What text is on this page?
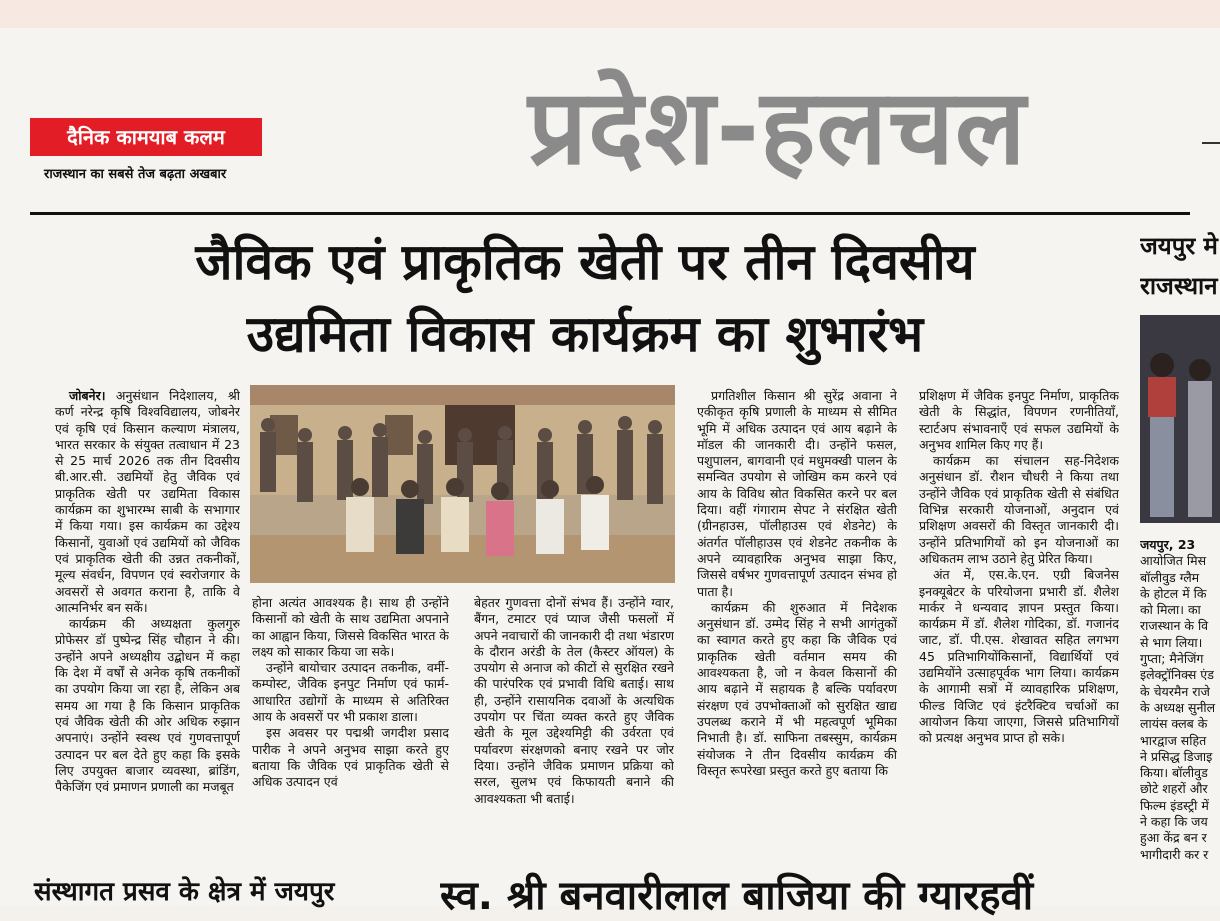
दैनिक कामयाब कलम
राजस्थान का सबसे तेज बढ़ता अखबार	प्रदेश-हलचल
जैविक एवं प्राकृतिक खेती पर तीन दिवसीय
उद्यमिता विकास कार्यक्रम का शुभारंभ

जोबनेर। अनुसंधान निदेशालय, श्री कर्ण नरेन्द्र कृषि विश्वविद्यालय, जोबनेर एवं कृषि एवं किसान कल्याण मंत्रालय, भारत सरकार के संयुक्त तत्वाधान में 23 से 25 मार्च 2026 तक तीन दिवसीय बी.आर.सी. उद्यमियों हेतु जैविक एवं प्राकृतिक खेती पर उद्यमिता विकास कार्यक्रम का शुभारम्भ साबी के सभागार में किया गया। इस कार्यक्रम का उद्देश्य किसानों, युवाओं एवं उद्यमियों को जैविक एवं प्राकृतिक खेती की उन्नत तकनीकों, मूल्य संवर्धन, विपणन एवं स्वरोजगार के अवसरों से अवगत कराना है, ताकि वे आत्मनिर्भर बन सकें।

कार्यक्रम की अध्यक्षता कुलगुरु प्रोफेसर डॉ पुष्पेन्द्र सिंह चौहान ने की। उन्होंने अपने अध्यक्षीय उद्बोधन में कहा कि देश में वर्षों से अनेक कृषि तकनीकों का उपयोग किया जा रहा है, लेकिन अब समय आ गया है कि किसान प्राकृतिक एवं जैविक खेती की ओर अधिक रुझान अपनाएं। उन्होंने स्वस्थ एवं गुणवत्तापूर्ण उत्पादन पर बल देते हुए कहा कि इसके लिए उपयुक्त बाजार व्यवस्था, ब्रांडिंग, पैकेजिंग एवं प्रमाणन प्रणाली का मजबूत

होना अत्यंत आवश्यक है। साथ ही उन्होंने किसानों को खेती के साथ उद्यमिता अपनाने का आह्वान किया, जिससे विकसित भारत के लक्ष्य को साकार किया जा सके।

उन्होंने बायोचार उत्पादन तकनीक, वर्मी-कम्पोस्ट, जैविक इनपुट निर्माण एवं फार्म-आधारित उद्योगों के माध्यम से अतिरिक्त आय के अवसरों पर भी प्रकाश डाला।

इस अवसर पर पद्मश्री जगदीश प्रसाद पारीक ने अपने अनुभव साझा करते हुए बताया कि जैविक एवं प्राकृतिक खेती से अधिक उत्पादन एवं

बेहतर गुणवत्ता दोनों संभव हैं। उन्होंने ग्वार, बैंगन, टमाटर एवं प्याज जैसी फसलों में अपने नवाचारों की जानकारी दी तथा भंडारण के दौरान अरंडी के तेल (कैस्टर ऑयल) के उपयोग से अनाज को कीटों से सुरक्षित रखने की पारंपरिक एवं प्रभावी विधि बताई। साथ ही, उन्होंने रासायनिक दवाओं के अत्यधिक उपयोग पर चिंता व्यक्त करते हुए जैविक खेती के मूल उद्देश्यमिट्टी की उर्वरता एवं पर्यावरण संरक्षणको बनाए रखने पर जोर दिया। उन्होंने जैविक प्रमाणन प्रक्रिया को सरल, सुलभ एवं किफायती बनाने की आवश्यकता भी बताई।

प्रगतिशील किसान श्री सुरेंद्र अवाना ने एकीकृत कृषि प्रणाली के माध्यम से सीमित भूमि में अधिक उत्पादन एवं आय बढ़ाने के मॉडल की जानकारी दी। उन्होंने फसल, पशुपालन, बागवानी एवं मधुमक्खी पालन के समन्वित उपयोग से जोखिम कम करने एवं आय के विविध स्रोत विकसित करने पर बल दिया। वहीं गंगाराम सेपट ने संरक्षित खेती (ग्रीनहाउस, पॉलीहाउस एवं शेडनेट) के अंतर्गत पॉलीहाउस एवं शेडनेट तकनीक के अपने व्यावहारिक अनुभव साझा किए, जिससे वर्षभर गुणवत्तापूर्ण उत्पादन संभव हो पाता है।

कार्यक्रम की शुरुआत में निदेशक अनुसंधान डॉ. उम्मेद सिंह ने सभी आगंतुकों का स्वागत करते हुए कहा कि जैविक एवं प्राकृतिक खेती वर्तमान समय की आवश्यकता है, जो न केवल किसानों की आय बढ़ाने में सहायक है बल्कि पर्यावरण संरक्षण एवं उपभोक्ताओं को सुरक्षित खाद्य उपलब्ध कराने में भी महत्वपूर्ण भूमिका निभाती है। डॉ. साफिना तबस्सुम, कार्यक्रम संयोजक ने तीन दिवसीय कार्यक्रम की विस्तृत रूपरेखा प्रस्तुत करते हुए बताया कि

प्रशिक्षण में जैविक इनपुट निर्माण, प्राकृतिक खेती के सिद्धांत, विपणन रणनीतियाँ, स्टार्टअप संभावनाएँ एवं सफल उद्यमियों के अनुभव शामिल किए गए हैं।

कार्यक्रम का संचालन सह-निदेशक अनुसंधान डॉ. रौशन चौधरी ने किया तथा उन्होंने जैविक एवं प्राकृतिक खेती से संबंधित विभिन्न सरकारी योजनाओं, अनुदान एवं प्रशिक्षण अवसरों की विस्तृत जानकारी दी। उन्होंने प्रतिभागियों को इन योजनाओं का अधिकतम लाभ उठाने हेतु प्रेरित किया।

अंत में, एस.के.एन. एग्री बिजनेस इनक्यूबेटर के परियोजना प्रभारी डॉ. शैलेश मार्कर ने धन्यवाद ज्ञापन प्रस्तुत किया। कार्यक्रम में डॉ. शैलेश गोदिका, डॉ. गजानंद जाट, डॉ. पी.एस. शेखावत सहित लगभग 45 प्रतिभागियोंकिसानों, विद्यार्थियों एवं उद्यमियोंने उत्साहपूर्वक भाग लिया। कार्यक्रम के आगामी सत्रों में व्यावहारिक प्रशिक्षण, फील्ड विजिट एवं इंटरैक्टिव चर्चाओं का आयोजन किया जाएगा, जिससे प्रतिभागियों को प्रत्यक्ष अनुभव प्राप्त हो सके।

जयपुर मे
राजस्थान
जयपुर, 23
आयोजित मिस
बॉलीवुड ग्लैम
के होटल में कि
को मिला। का
राजस्थान के वि
से भाग लिया।
गुप्ता; मैनेजिंग
इलेक्ट्रॉनिक्स एंड
के चेयरमैन राजे
के अध्यक्ष सुनील
लायंस क्लब के
भारद्वाज सहित
ने प्रसिद्ध डिजाइ
किया। बॉलीवुड
छोटे शहरों और
फिल्म इंडस्ट्री में
ने कहा कि जय
हुआ केंद्र बन र
भागीदारी कर र
संस्थागत प्रसव के क्षेत्र में जयपुर	स्व. श्री बनवारीलाल बाजिया की ग्यारहवीं
